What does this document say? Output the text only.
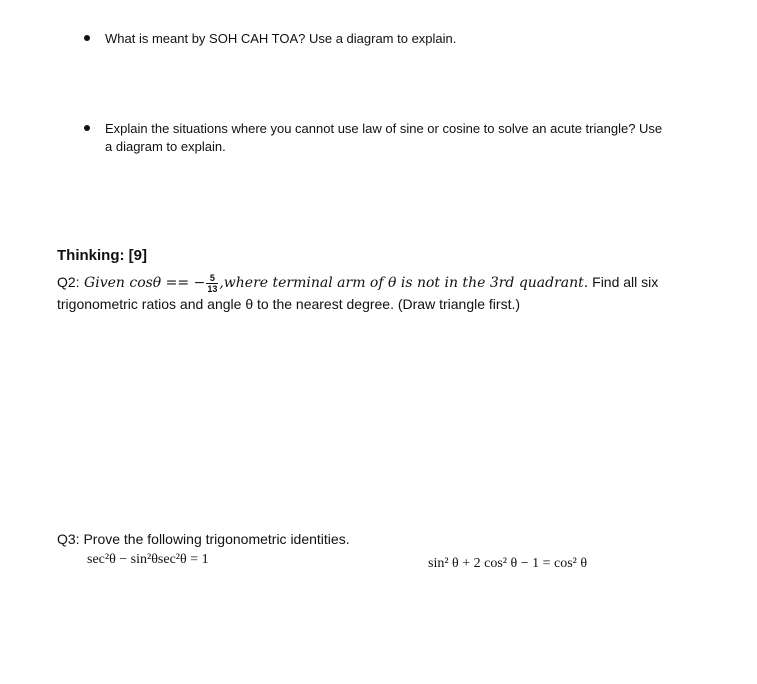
What is meant by SOH CAH TOA? Use a diagram to explain.
Explain the situations where you cannot use law of sine or cosine to solve an acute triangle? Use
a diagram to explain.
Thinking: [9]
Q2: Given cosθ == − $\frac{5}{13}$ ,where terminal arm of θ is not in the 3rd quadrant. Find all six
trigonometric ratios and angle θ to the nearest degree. (Draw triangle first.)
Q3: Prove the following trigonometric identities.
sec²θ − sin²θsec²θ = 1	sin² θ + 2 cos² θ − 1 = cos² θ
